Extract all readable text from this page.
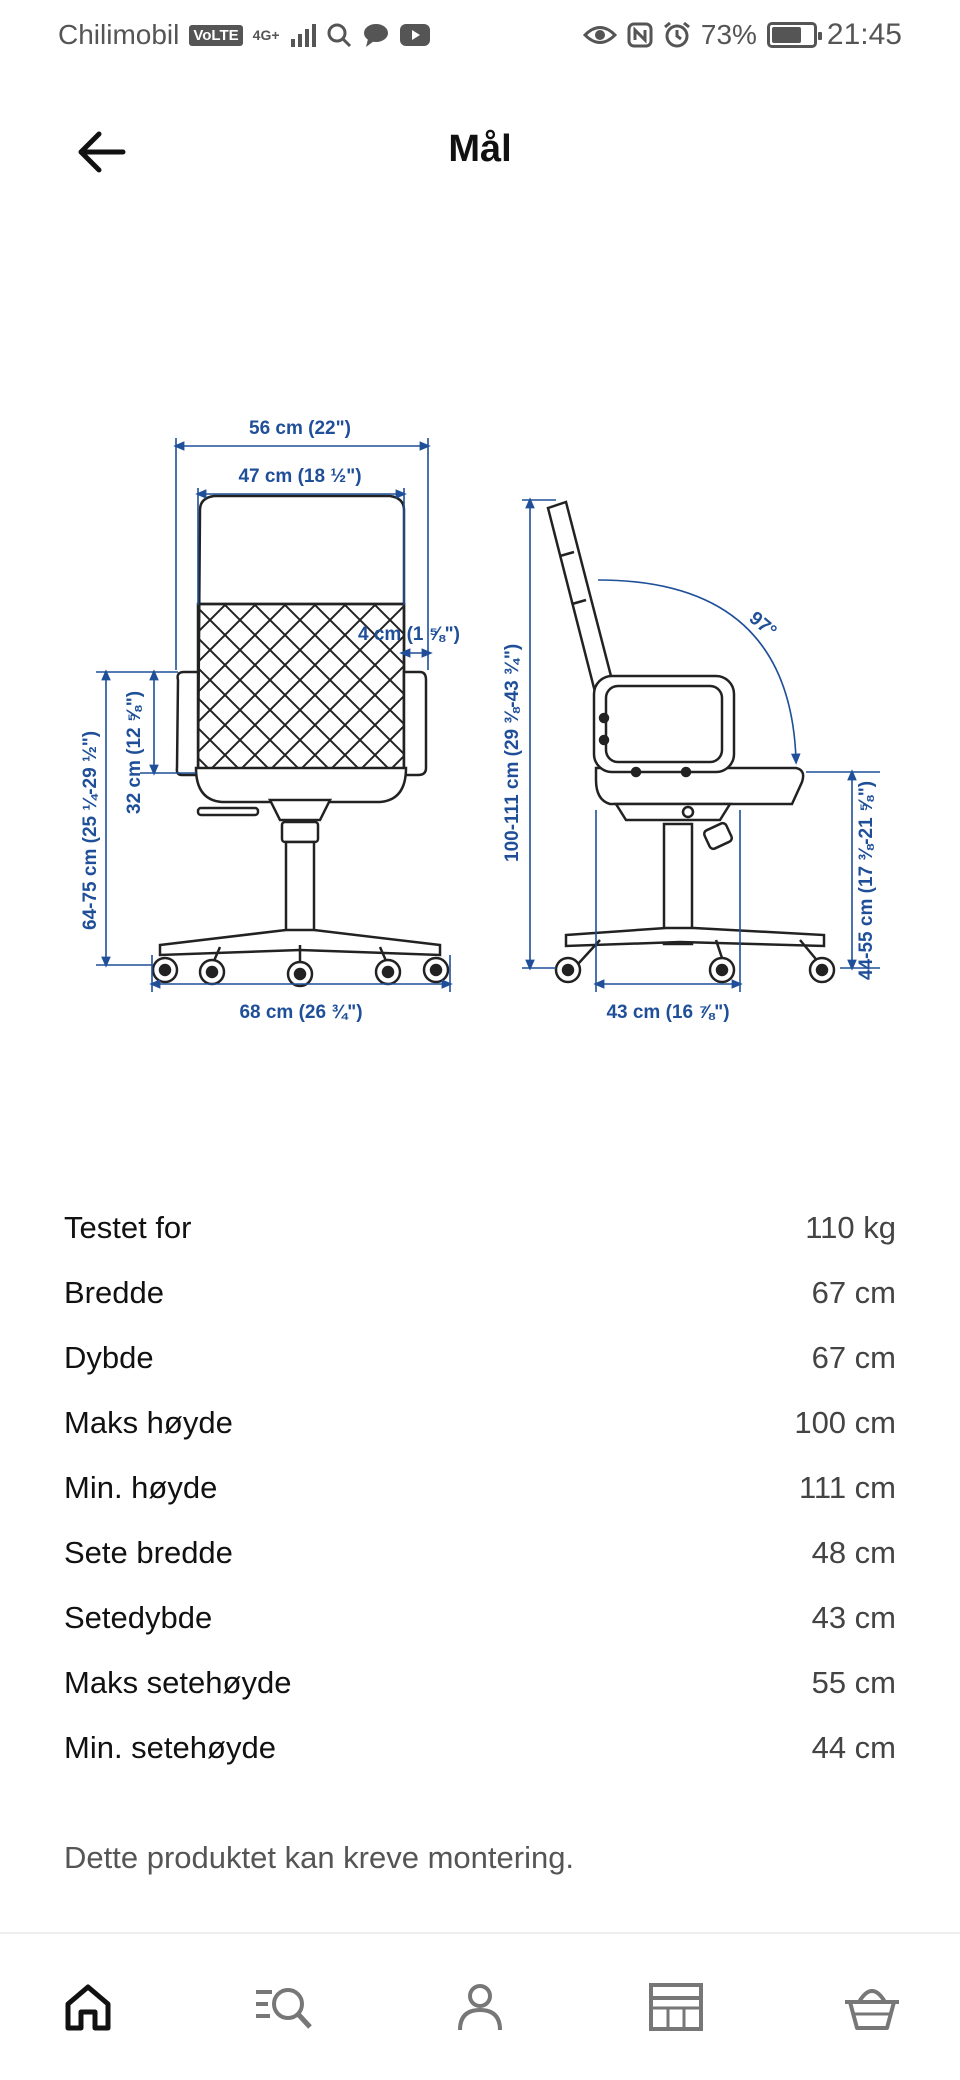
Chilimobil VoLTE 4G+	73% 21:45
Mål
56 cm (22")
47 cm (18 ½")
4 cm (1 ⅝")
32 cm (12 ⅝")
64-75 cm (25 ¼-29 ½")
68 cm (26 ¾")
100-111 cm (29 ⅜-43 ¾")
97°
44-55 cm (17 ⅜-21 ⅝")
43 cm (16 ⅞")
Testet for	110 kg
Bredde	67 cm
Dybde	67 cm
Maks høyde	100 cm
Min. høyde	111 cm
Sete bredde	48 cm
Setedybde	43 cm
Maks setehøyde	55 cm
Min. setehøyde	44 cm
Dette produktet kan kreve montering.
